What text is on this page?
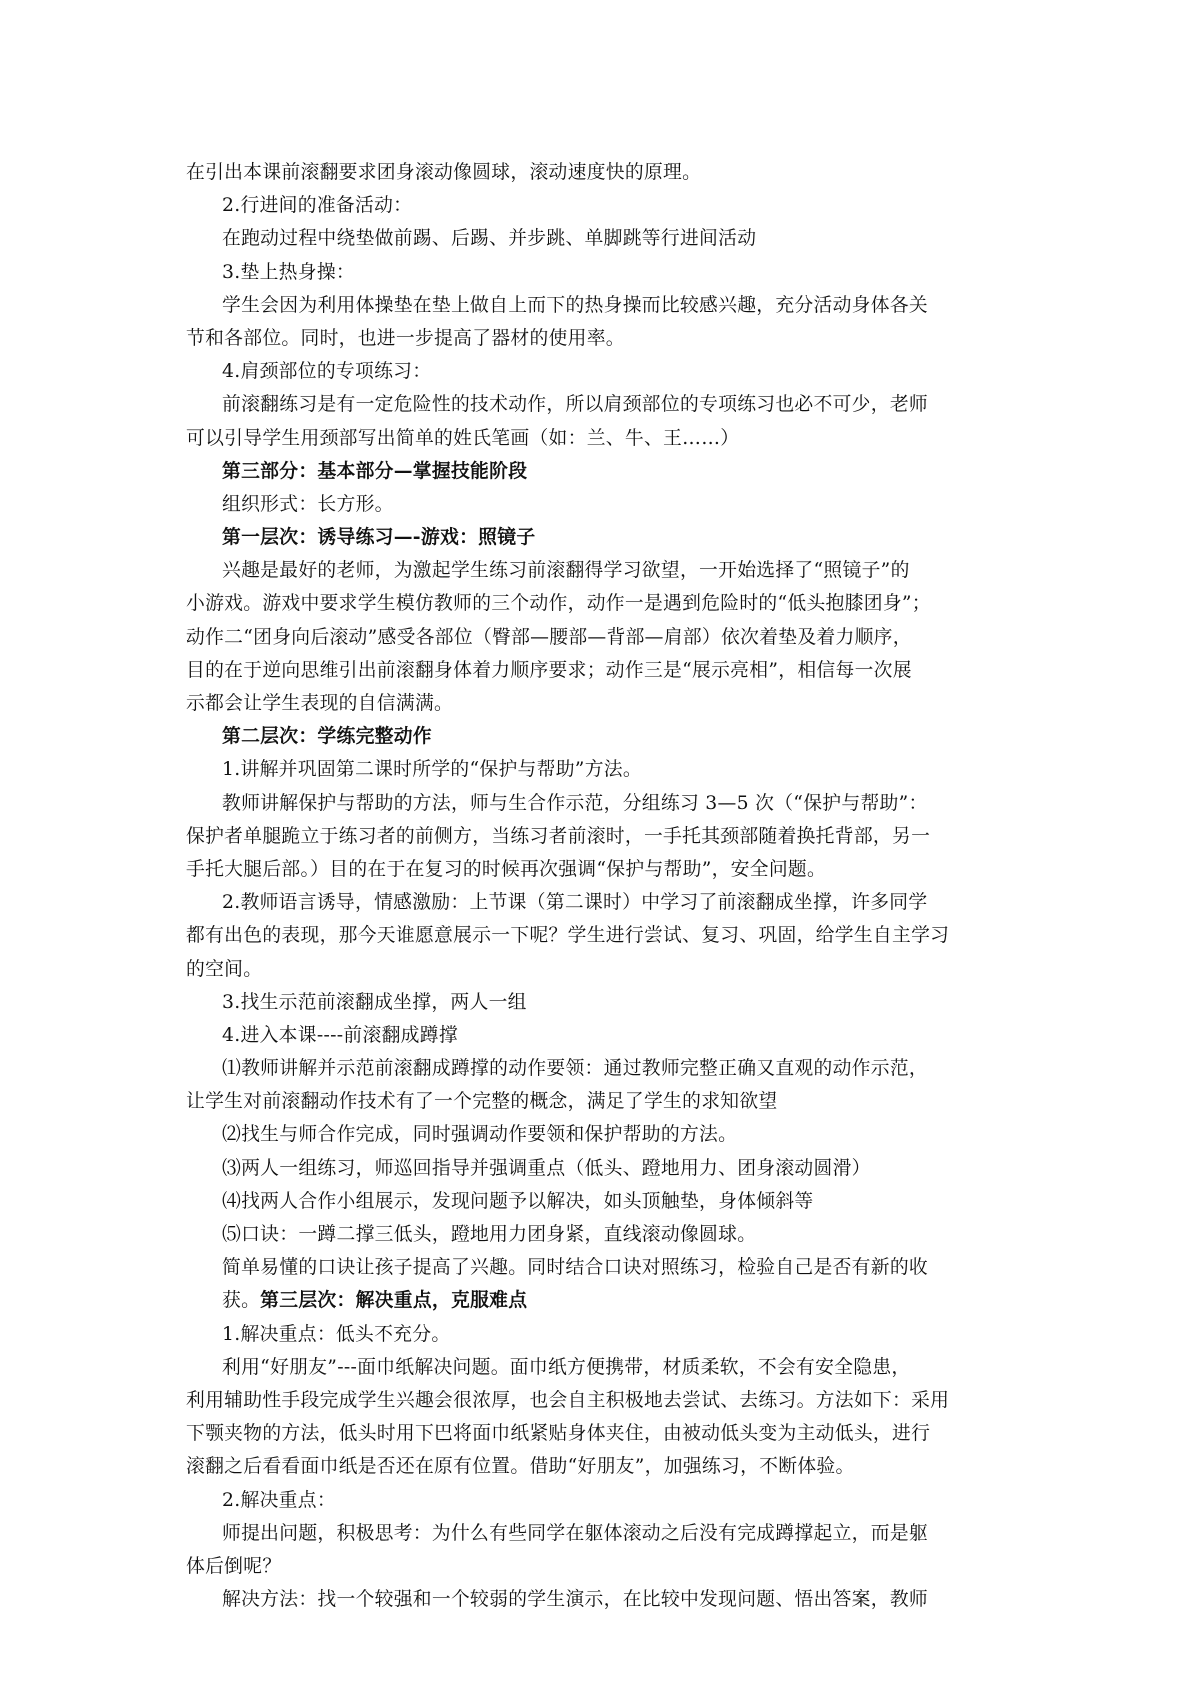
在引出本课前滚翻要求团身滚动像圆球，滚动速度快的原理。
2.行进间的准备活动：
在跑动过程中绕垫做前踢、后踢、并步跳、单脚跳等行进间活动
3.垫上热身操：
学生会因为利用体操垫在垫上做自上而下的热身操而比较感兴趣，充分活动身体各关
节和各部位。同时，也进一步提高了器材的使用率。
4.肩颈部位的专项练习：
前滚翻练习是有一定危险性的技术动作，所以肩颈部位的专项练习也必不可少，老师
可以引导学生用颈部写出简单的姓氏笔画（如：兰、牛、王……）
第三部分：基本部分—掌握技能阶段
组织形式：长方形。
第一层次：诱导练习—-游戏：照镜子
兴趣是最好的老师，为激起学生练习前滚翻得学习欲望，一开始选择了“照镜子”的
小游戏。游戏中要求学生模仿教师的三个动作，动作一是遇到危险时的“低头抱膝团身”；
动作二“团身向后滚动”感受各部位（臀部—腰部—背部—肩部）依次着垫及着力顺序，
目的在于逆向思维引出前滚翻身体着力顺序要求；动作三是“展示亮相”，相信每一次展
示都会让学生表现的自信满满。
第二层次：学练完整动作
1.讲解并巩固第二课时所学的“保护与帮助”方法。
教师讲解保护与帮助的方法，师与生合作示范，分组练习 3—5 次（“保护与帮助”：
保护者单腿跪立于练习者的前侧方，当练习者前滚时，一手托其颈部随着换托背部，另一
手托大腿后部。）目的在于在复习的时候再次强调“保护与帮助”，安全问题。
2.教师语言诱导，情感激励：上节课（第二课时）中学习了前滚翻成坐撑，许多同学
都有出色的表现，那今天谁愿意展示一下呢？学生进行尝试、复习、巩固，给学生自主学习
的空间。
3.找生示范前滚翻成坐撑，两人一组
4.进入本课----前滚翻成蹲撑
⑴教师讲解并示范前滚翻成蹲撑的动作要领：通过教师完整正确又直观的动作示范，
让学生对前滚翻动作技术有了一个完整的概念，满足了学生的求知欲望
⑵找生与师合作完成，同时强调动作要领和保护帮助的方法。
⑶两人一组练习，师巡回指导并强调重点（低头、蹬地用力、团身滚动圆滑）
⑷找两人合作小组展示，发现问题予以解决，如头顶触垫，身体倾斜等
⑸口诀：一蹲二撑三低头，蹬地用力团身紧，直线滚动像圆球。
简单易懂的口诀让孩子提高了兴趣。同时结合口诀对照练习，检验自己是否有新的收
获。第三层次：解决重点，克服难点
1.解决重点：低头不充分。
利用“好朋友”---面巾纸解决问题。面巾纸方便携带，材质柔软，不会有安全隐患，
利用辅助性手段完成学生兴趣会很浓厚，也会自主积极地去尝试、去练习。方法如下：采用
下颚夹物的方法，低头时用下巴将面巾纸紧贴身体夹住，由被动低头变为主动低头，进行
滚翻之后看看面巾纸是否还在原有位置。借助“好朋友”，加强练习，不断体验。
2.解决重点：
师提出问题，积极思考：为什么有些同学在躯体滚动之后没有完成蹲撑起立，而是躯
体后倒呢？
解决方法：找一个较强和一个较弱的学生演示，在比较中发现问题、悟出答案，教师
